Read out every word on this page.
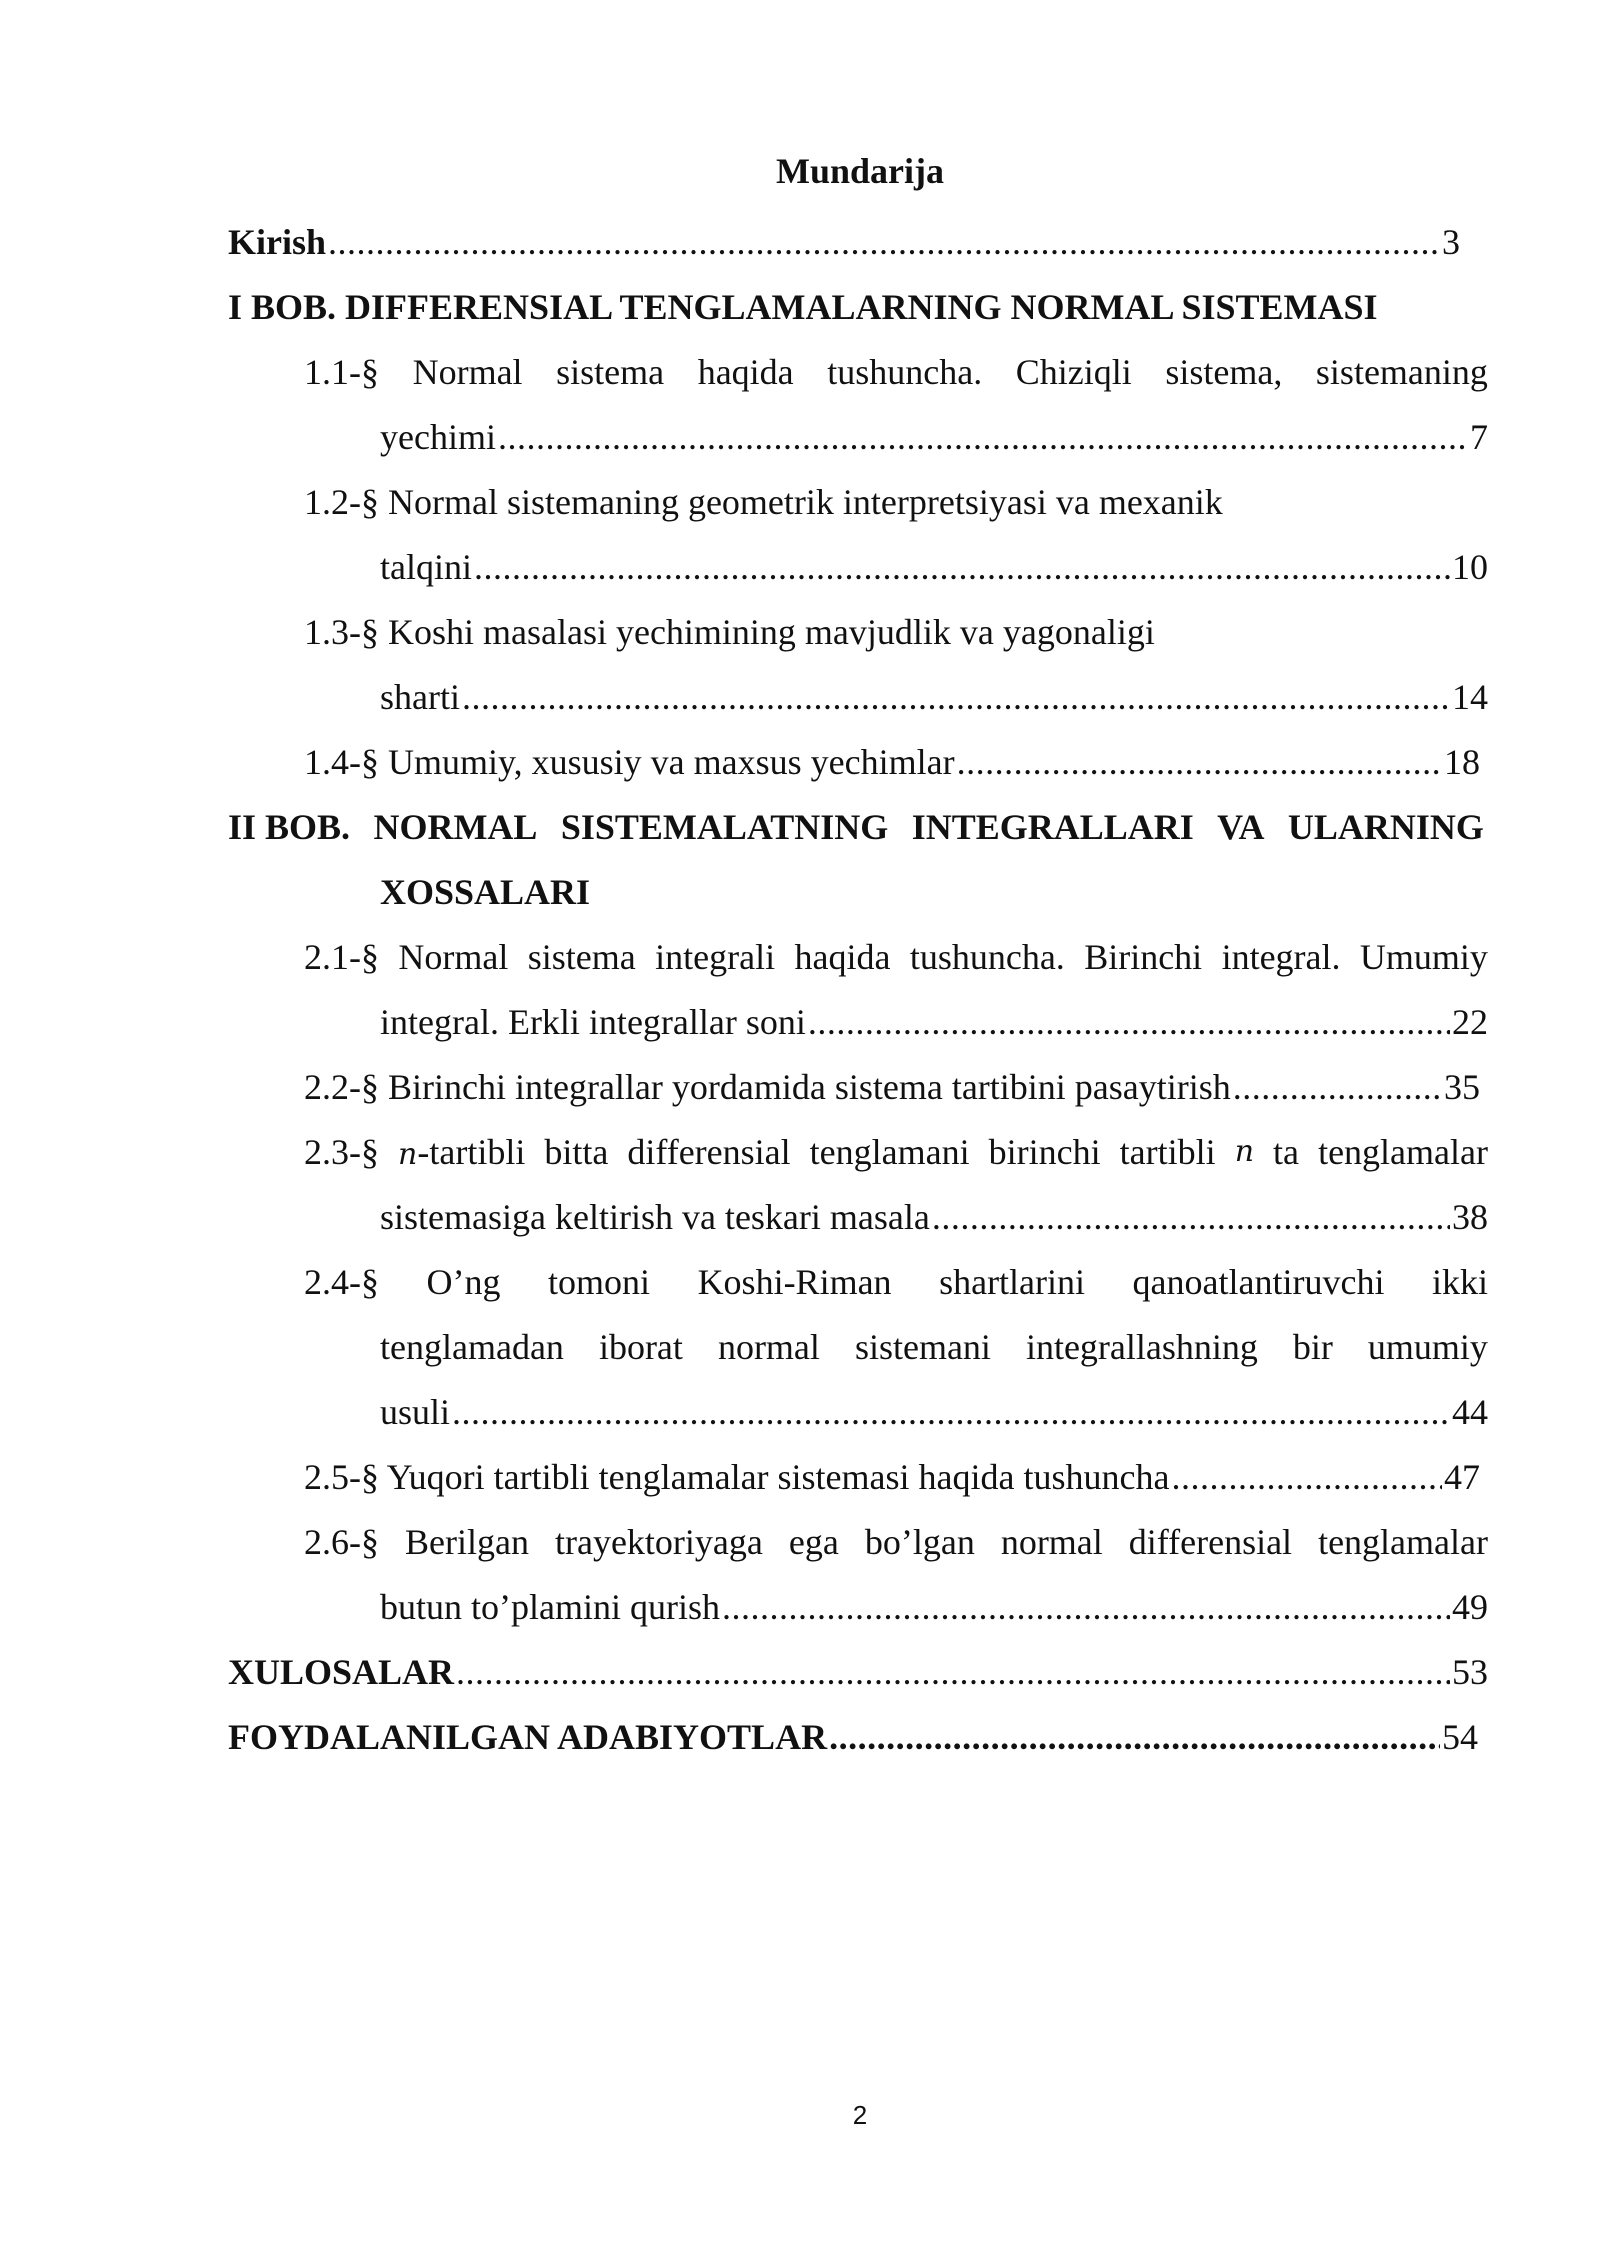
Mundarija
Kirish .....	3
I BOB. DIFFERENSIAL TENGLAMALARNING NORMAL SISTEMASI
1.1-§ Normal sistema haqida tushuncha. Chiziqli sistema, sistemaning
yechimi .....	7
1.2-§ Normal sistemaning geometrik interpretsiyasi va mexanik
talqini .....	10
1.3-§ Koshi masalasi yechimining mavjudlik va yagonaligi
sharti .....	14
1.4-§ Umumiy, xususiy va maxsus yechimlar .....	18
II BOB. NORMAL SISTEMALATNING INTEGRALLARI VA ULARNING
XOSSALARI
2.1-§ Normal sistema integrali haqida tushuncha. Birinchi integral. Umumiy
integral. Erkli integrallar soni .....	22
2.2-§ Birinchi integrallar yordamida sistema tartibini pasaytirish .....	35
2.3-§ n-tartibli bitta differensial tenglamani birinchi tartibli n ta tenglamalar
sistemasiga keltirish va teskari masala .....	38
2.4-§ O’ng tomoni Koshi-Riman shartlarini qanoatlantiruvchi ikki
tenglamadan iborat normal sistemani integrallashning bir umumiy
usuli .....	44
2.5-§ Yuqori tartibli tenglamalar sistemasi haqida tushuncha .....	47
2.6-§ Berilgan trayektoriyaga ega bo’lgan normal differensial tenglamalar
butun to’plamini qurish .....	49
XULOSALAR .....	53
FOYDALANILGAN ADABIYOTLAR .....	54
2
